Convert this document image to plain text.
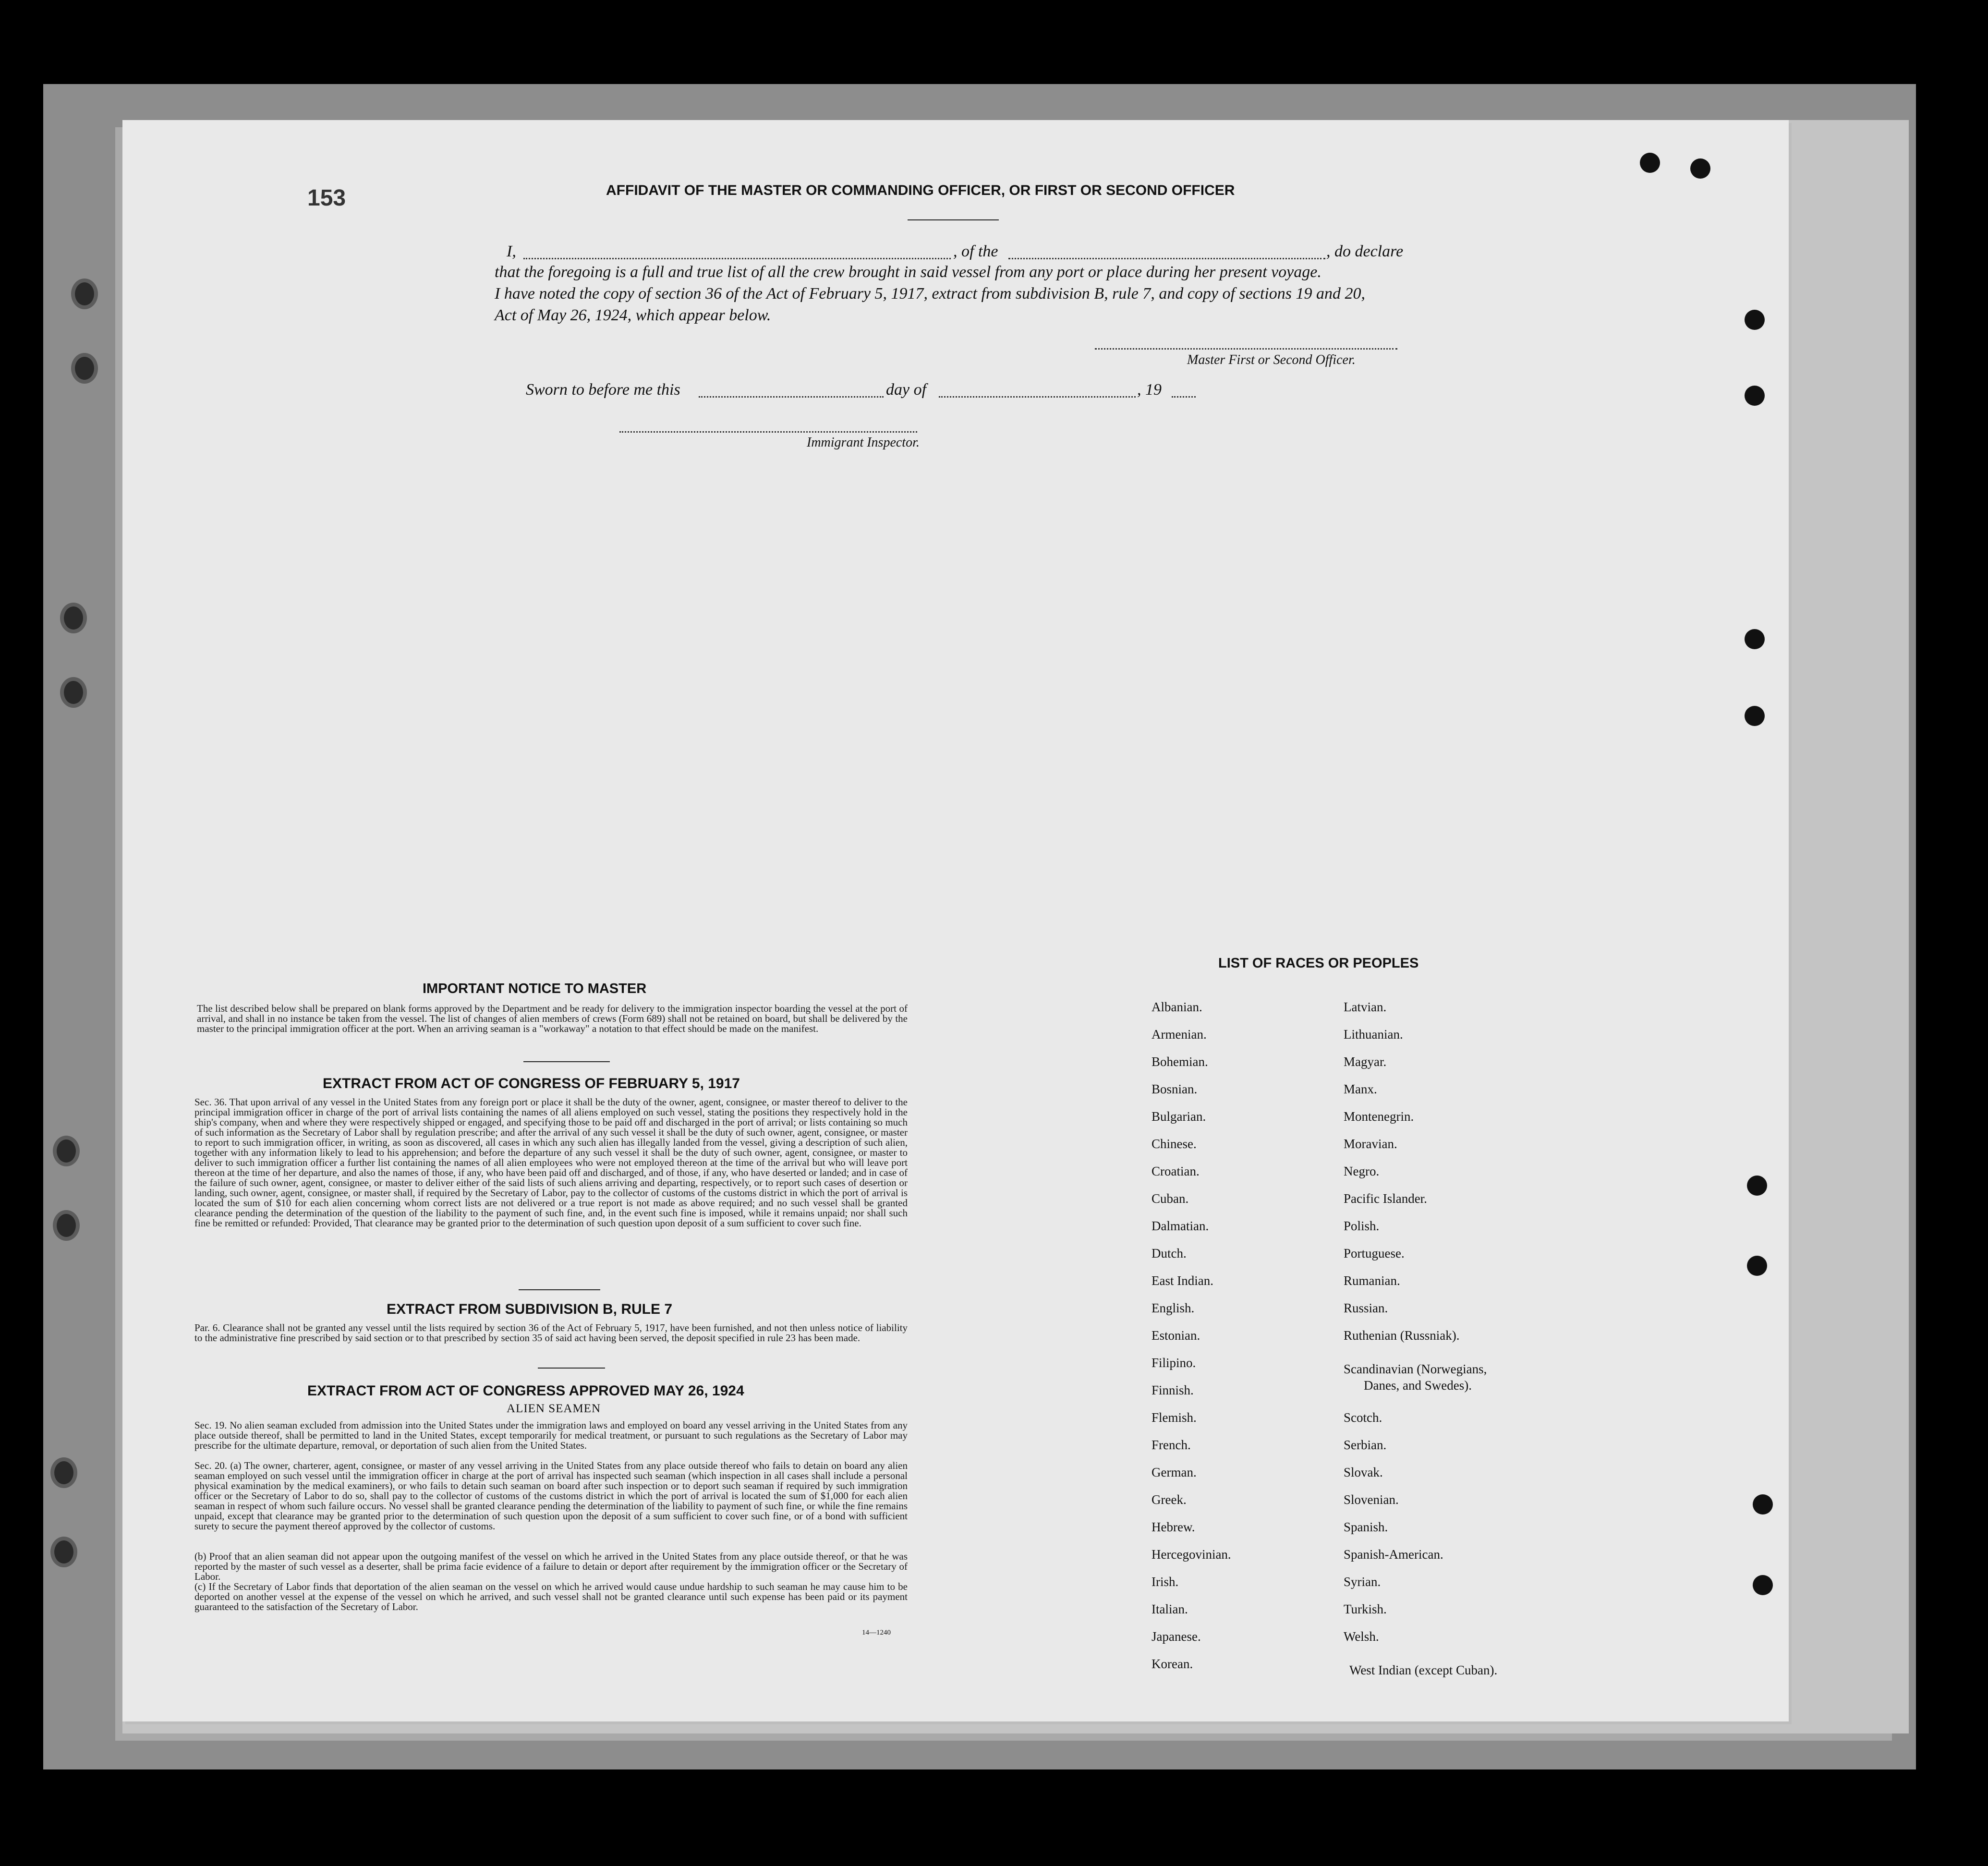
153	AFFIDAVIT OF THE MASTER OR COMMANDING OFFICER, OR FIRST OR SECOND OFFICER
I,	, of the	, do declare
that the foregoing is a full and true list of all the crew brought in said vessel from any port or place during her present voyage.
I have noted the copy of section 36 of the Act of February 5, 1917, extract from subdivision B, rule 7, and copy of sections 19 and 20,
Act of May 26, 1924, which appear below.
Master First or Second Officer.
Sworn to before me this	day of	, 19
Immigrant Inspector.
IMPORTANT NOTICE TO MASTER
The list described below shall be prepared on blank forms approved by the Department and be ready for delivery to the immigration inspector boarding the vessel at the port of arrival, and shall in no instance be taken from the vessel. The list of changes of alien members of crews (Form 689) shall not be retained on board, but shall be delivered by the master to the principal immigration officer at the port. When an arriving seaman is a "workaway" a notation to that effect should be made on the manifest.
EXTRACT FROM ACT OF CONGRESS OF FEBRUARY 5, 1917
Sec. 36. That upon arrival of any vessel in the United States from any foreign port or place it shall be the duty of the owner, agent, consignee, or master thereof to deliver to the principal immigration officer in charge of the port of arrival lists containing the names of all aliens employed on such vessel, stating the positions they respectively hold in the ship's company, when and where they were respectively shipped or engaged, and specifying those to be paid off and discharged in the port of arrival; or lists containing so much of such information as the Secretary of Labor shall by regulation prescribe; and after the arrival of any such vessel it shall be the duty of such owner, agent, consignee, or master to report to such immigration officer, in writing, as soon as discovered, all cases in which any such alien has illegally landed from the vessel, giving a description of such alien, together with any information likely to lead to his apprehension; and before the departure of any such vessel it shall be the duty of such owner, agent, consignee, or master to deliver to such immigration officer a further list containing the names of all alien employees who were not employed thereon at the time of the arrival but who will leave port thereon at the time of her departure, and also the names of those, if any, who have been paid off and discharged, and of those, if any, who have deserted or landed; and in case of the failure of such owner, agent, consignee, or master to deliver either of the said lists of such aliens arriving and departing, respectively, or to report such cases of desertion or landing, such owner, agent, consignee, or master shall, if required by the Secretary of Labor, pay to the collector of customs of the customs district in which the port of arrival is located the sum of $10 for each alien concerning whom correct lists are not delivered or a true report is not made as above required; and no such vessel shall be granted clearance pending the determination of the question of the liability to the payment of such fine, and, in the event such fine is imposed, while it remains unpaid; nor shall such fine be remitted or refunded: Provided, That clearance may be granted prior to the determination of such question upon deposit of a sum sufficient to cover such fine.
EXTRACT FROM SUBDIVISION B, RULE 7
Par. 6. Clearance shall not be granted any vessel until the lists required by section 36 of the Act of February 5, 1917, have been furnished, and not then unless notice of liability to the administrative fine prescribed by said section or to that prescribed by section 35 of said act having been served, the deposit specified in rule 23 has been made.
EXTRACT FROM ACT OF CONGRESS APPROVED MAY 26, 1924
ALIEN SEAMEN
Sec. 19. No alien seaman excluded from admission into the United States under the immigration laws and employed on board any vessel arriving in the United States from any place outside thereof, shall be permitted to land in the United States, except temporarily for medical treatment, or pursuant to such regulations as the Secretary of Labor may prescribe for the ultimate departure, removal, or deportation of such alien from the United States.
Sec. 20. (a) The owner, charterer, agent, consignee, or master of any vessel arriving in the United States from any place outside thereof who fails to detain on board any alien seaman employed on such vessel until the immigration officer in charge at the port of arrival has inspected such seaman (which inspection in all cases shall include a personal physical examination by the medical examiners), or who fails to detain such seaman on board after such inspection or to deport such seaman if required by such immigration officer or the Secretary of Labor to do so, shall pay to the collector of customs of the customs district in which the port of arrival is located the sum of $1,000 for each alien seaman in respect of whom such failure occurs. No vessel shall be granted clearance pending the determination of the liability to payment of such fine, or while the fine remains unpaid, except that clearance may be granted prior to the determination of such question upon the deposit of a sum sufficient to cover such fine, or of a bond with sufficient surety to secure the payment thereof approved by the collector of customs.
(b) Proof that an alien seaman did not appear upon the outgoing manifest of the vessel on which he arrived in the United States from any place outside thereof, or that he was reported by the master of such vessel as a deserter, shall be prima facie evidence of a failure to detain or deport after requirement by the immigration officer or the Secretary of Labor.
(c) If the Secretary of Labor finds that deportation of the alien seaman on the vessel on which he arrived would cause undue hardship to such seaman he may cause him to be deported on another vessel at the expense of the vessel on which he arrived, and such vessel shall not be granted clearance until such expense has been paid or its payment guaranteed to the satisfaction of the Secretary of Labor.
14—1240
LIST OF RACES OR PEOPLES
Albanian.
Armenian.
Bohemian.
Bosnian.
Bulgarian.
Chinese.
Croatian.
Cuban.
Dalmatian.
Dutch.
East Indian.
English.
Estonian.
Filipino.
Finnish.
Flemish.
French.
German.
Greek.
Hebrew.
Hercegovinian.
Irish.
Italian.
Japanese.
Korean.
Latvian.
Lithuanian.
Magyar.
Manx.
Montenegrin.
Moravian.
Negro.
Pacific Islander.
Polish.
Portuguese.
Rumanian.
Russian.
Ruthenian (Russniak).
Scandinavian (Norwegians,
Danes, and Swedes).
Scotch.
Serbian.
Slovak.
Slovenian.
Spanish.
Spanish-American.
Syrian.
Turkish.
Welsh.
West Indian (except Cuban).
